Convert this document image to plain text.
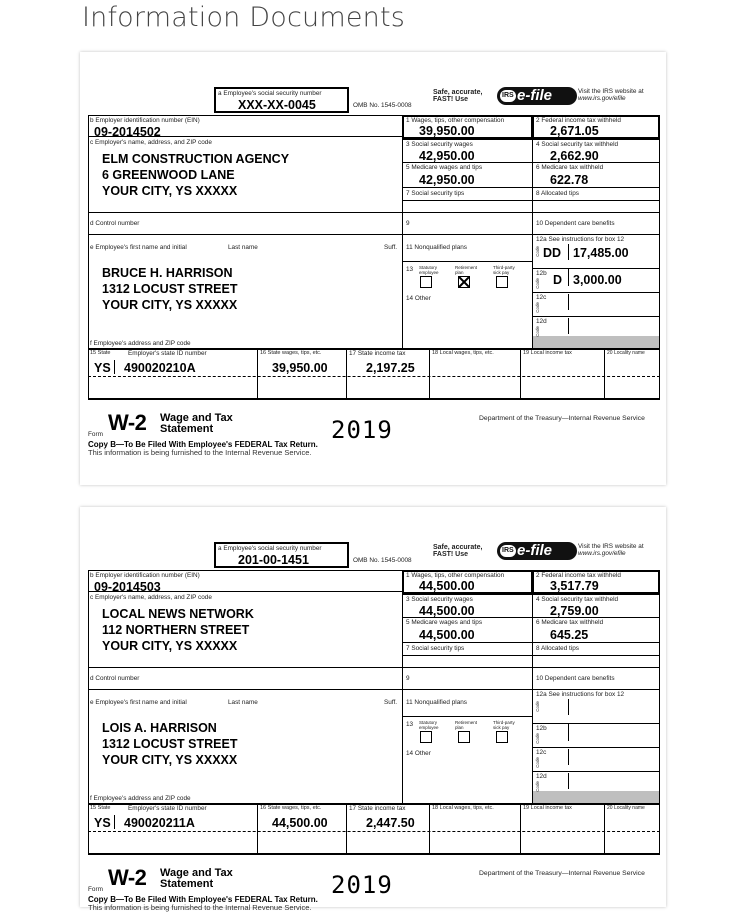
Information Documents
a Employee's social security number
XXX-XX-0045	OMB No. 1545-0008
Safe, accurate,
FAST! Use
IRS e-file	Visit the IRS website at
www.irs.gov/efile
b Employer identification number (EIN)
09-2014502
c Employer's name, address, and ZIP code
ELM CONSTRUCTION AGENCY
6 GREENWOOD LANE
YOUR CITY, YS XXXXX
d Control number
e Employee's first name and initial	Last name	Suff.
BRUCE H. HARRISON
1312 LOCUST STREET
YOUR CITY, YS XXXXX
f Employee's address and ZIP code
1 Wages, tips, other compensation
39,950.00
2 Federal income tax withheld
2,671.05
3 Social security wages
42,950.00
4 Social security tax withheld
2,662.90
5 Medicare wages and tips
42,950.00
6 Medicare tax withheld
622.78
7 Social security tips	8 Allocated tips
9	10 Dependent care benefits
11 Nonqualified plans
13 Statutory employee
Retirement plan
Third-party sick pay
14 Other
12a See instructions for box 12
Code DD 17,485.00
12b
Code D 3,000.00
12c
Code
12d
Code
15 State	Employer's state ID number
YS 490020210A
16 State wages, tips, etc.
39,950.00
17 State income tax
2,197.25
18 Local wages, tips, etc.	19 Local income tax	20 Locality name
Form W-2 Wage and Tax
Statement	2019	Department of the Treasury—Internal Revenue Service
Copy B—To Be Filed With Employee's FEDERAL Tax Return.
This information is being furnished to the Internal Revenue Service.
a Employee's social security number
201-00-1451	OMB No. 1545-0008
Safe, accurate,
FAST! Use
IRS e-file	Visit the IRS website at
www.irs.gov/efile
b Employer identification number (EIN)
09-2014503
c Employer's name, address, and ZIP code
LOCAL NEWS NETWORK
112 NORTHERN STREET
YOUR CITY, YS XXXXX
d Control number
e Employee's first name and initial	Last name	Suff.
LOIS A. HARRISON
1312 LOCUST STREET
YOUR CITY, YS XXXXX
f Employee's address and ZIP code
1 Wages, tips, other compensation
44,500.00
2 Federal income tax withheld
3,517.79
3 Social security wages
44,500.00
4 Social security tax withheld
2,759.00
5 Medicare wages and tips
44,500.00
6 Medicare tax withheld
645.25
7 Social security tips	8 Allocated tips
9	10 Dependent care benefits
11 Nonqualified plans
13 Statutory employee
Retirement plan
Third-party sick pay
14 Other
12a See instructions for box 12
Code
12b
Code
12c
Code
12d
Code
15 State	Employer's state ID number
YS 490020211A
16 State wages, tips, etc.
44,500.00
17 State income tax
2,447.50
18 Local wages, tips, etc.	19 Local income tax	20 Locality name
Form W-2 Wage and Tax
Statement	2019	Department of the Treasury—Internal Revenue Service
Copy B—To Be Filed With Employee's FEDERAL Tax Return.
This information is being furnished to the Internal Revenue Service.
